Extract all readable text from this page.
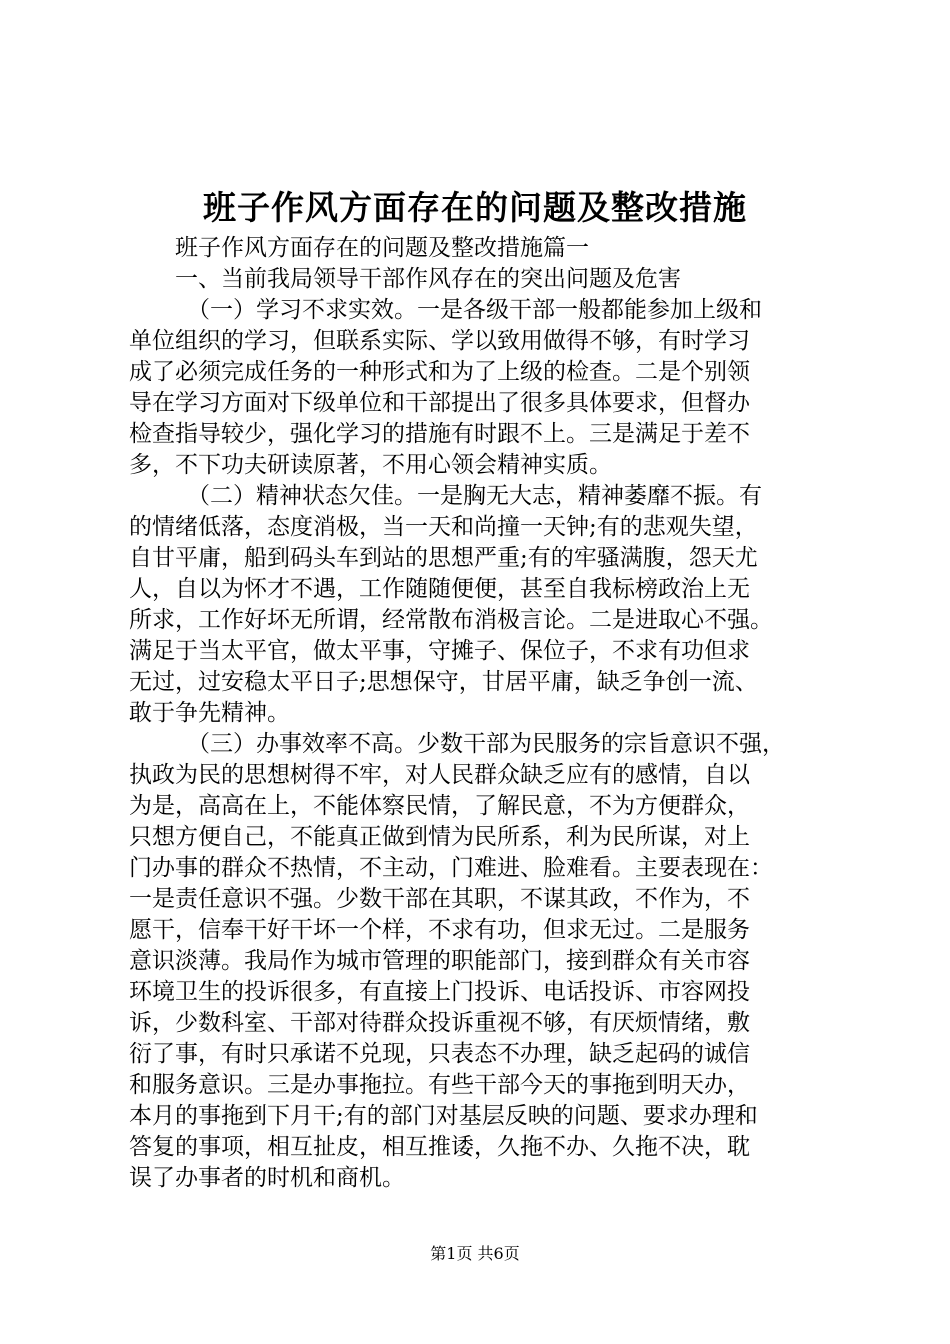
班子作风方面存在的问题及整改措施
班子作风方面存在的问题及整改措施篇一
一、当前我局领导干部作风存在的突出问题及危害
（一）学习不求实效。一是各级干部一般都能参加上级和
单位组织的学习，但联系实际、学以致用做得不够，有时学习
成了必须完成任务的一种形式和为了上级的检查。二是个别领
导在学习方面对下级单位和干部提出了很多具体要求，但督办
检查指导较少，强化学习的措施有时跟不上。三是满足于差不
多，不下功夫研读原著，不用心领会精神实质。
（二）精神状态欠佳。一是胸无大志，精神萎靡不振。有
的情绪低落，态度消极，当一天和尚撞一天钟;有的悲观失望，
自甘平庸，船到码头车到站的思想严重;有的牢骚满腹，怨天尤
人，自以为怀才不遇，工作随随便便，甚至自我标榜政治上无
所求，工作好坏无所谓，经常散布消极言论。二是进取心不强。
满足于当太平官，做太平事，守摊子、保位子，不求有功但求
无过，过安稳太平日子;思想保守，甘居平庸，缺乏争创一流、
敢于争先精神。
（三）办事效率不高。少数干部为民服务的宗旨意识不强，
执政为民的思想树得不牢，对人民群众缺乏应有的感情，自以
为是，高高在上，不能体察民情，了解民意，不为方便群众，
只想方便自己，不能真正做到情为民所系，利为民所谋，对上
门办事的群众不热情，不主动，门难进、脸难看。主要表现在：
一是责任意识不强。少数干部在其职，不谋其政，不作为，不
愿干，信奉干好干坏一个样，不求有功，但求无过。二是服务
意识淡薄。我局作为城市管理的职能部门，接到群众有关市容
环境卫生的投诉很多，有直接上门投诉、电话投诉、市容网投
诉，少数科室、干部对待群众投诉重视不够，有厌烦情绪，敷
衍了事，有时只承诺不兑现，只表态不办理，缺乏起码的诚信
和服务意识。三是办事拖拉。有些干部今天的事拖到明天办，
本月的事拖到下月干;有的部门对基层反映的问题、要求办理和
答复的事项，相互扯皮，相互推诿，久拖不办、久拖不决，耽
误了办事者的时机和商机。
第1页 共6页
